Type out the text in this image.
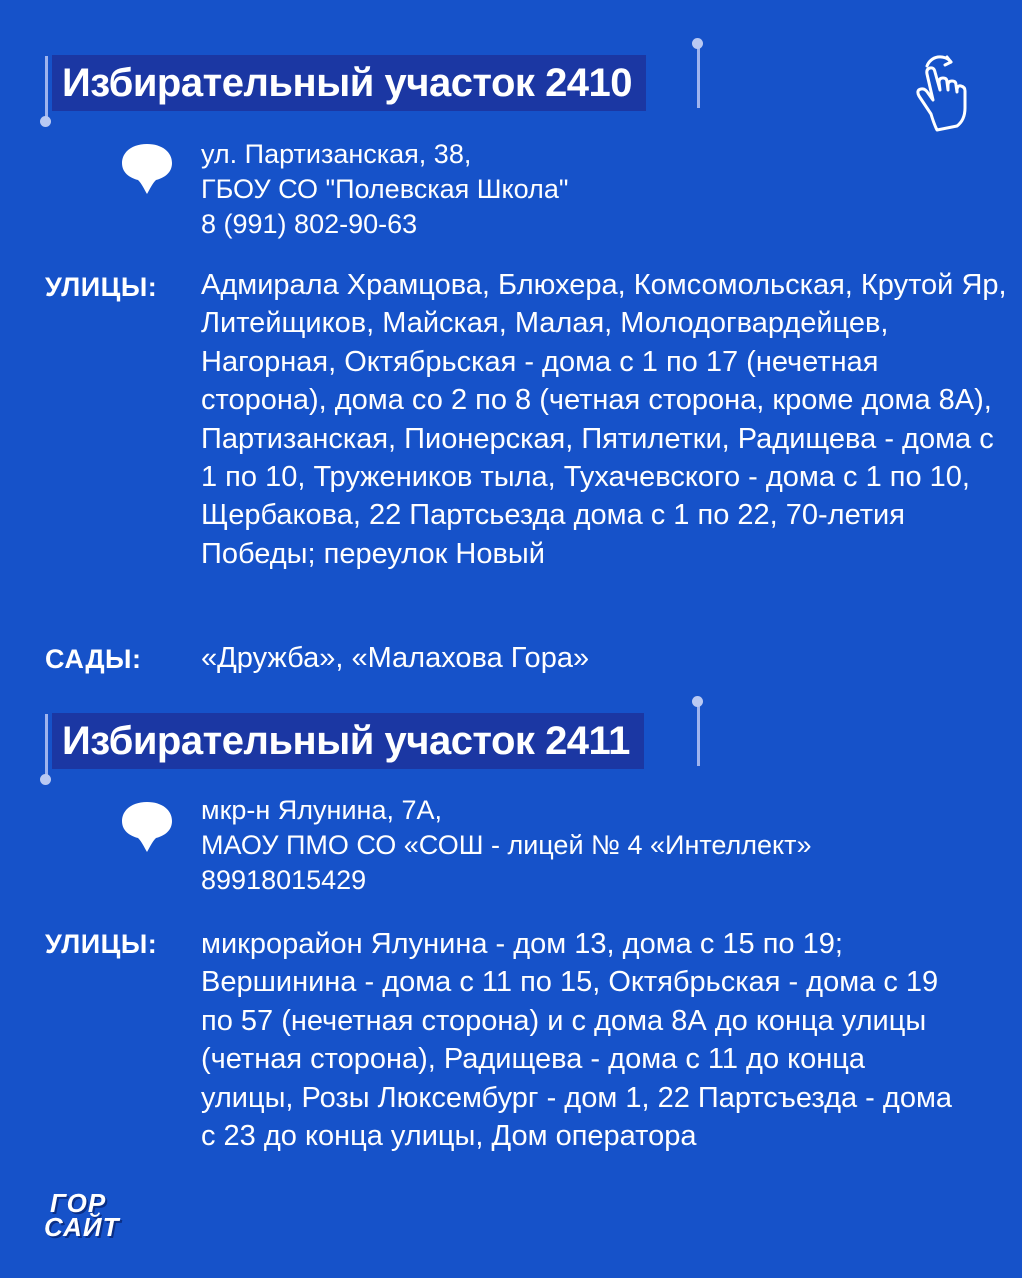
Избирательный участок 2410
ул. Партизанская, 38,
ГБОУ СО "Полевская Школа"
8 (991) 802-90-63
УЛИЦЫ: Адмирала Храмцова, Блюхера, Комсомольская, Крутой Яр, Литейщиков, Майская, Малая, Молодогвардейцев, Нагорная, Октябрьская - дома с 1 по 17 (нечетная сторона), дома со 2 по 8 (четная сторона, кроме дома 8А), Партизанская, Пионерская, Пятилетки, Радищева - дома с 1 по 10, Тружеников тыла, Тухачевского - дома с 1 по 10, Щербакова, 22 Партсьезда дома с 1 по 22, 70-летия Победы; переулок Новый
САДЫ: «Дружба», «Малахова Гора»
Избирательный участок 2411
мкр-н Ялунина, 7А,
МАОУ ПМО СО «СОШ - лицей № 4 «Интеллект»
89918015429
УЛИЦЫ: микрорайон Ялунина - дом 13, дома с 15 по 19; Вершинина - дома с 11 по 15, Октябрьская - дома с 19 по 57 (нечетная сторона) и с дома 8А до конца улицы (четная сторона), Радищева - дома с 11 до конца улицы, Розы Люксембург - дом 1, 22 Партсъезда - дома с 23 до конца улицы, Дом оператора
ГОР
САЙТ
